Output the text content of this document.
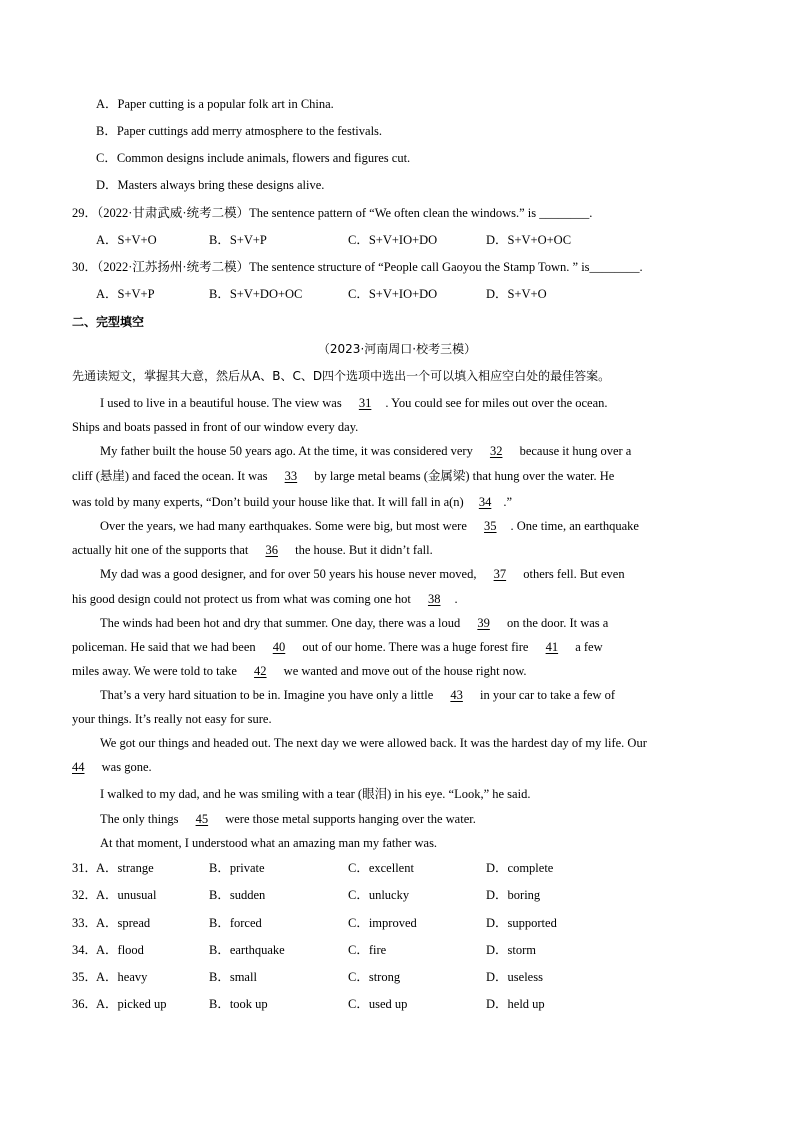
A．Paper cutting is a popular folk art in China.
B．Paper cuttings add merry atmosphere to the festivals.
C．Common designs include animals, flowers and figures cut.
D．Masters always bring these designs alive.
29．（2022·甘肃武威·统考二模）The sentence pattern of “We often clean the windows.” is ________.
A．S+V+O	B．S+V+P	C．S+V+IO+DO	D．S+V+O+OC
30．（2022·江苏扬州·统考二模）The sentence structure of “People call Gaoyou the Stamp Town. ” is________.
A．S+V+P	B．S+V+DO+OC	C．S+V+IO+DO	D．S+V+O
二、完型填空
（2023·河南周口·校考三模）
先通读短文，掌握其大意，然后从A、B、C、D四个选项中选出一个可以填入相应空白处的最佳答案。
I used to live in a beautiful house. The view was 31 . You could see for miles out over the ocean.
Ships and boats passed in front of our window every day.
My father built the house 50 years ago. At the time, it was considered very 32 because it hung over a
cliff (悬崖) and faced the ocean. It was 33 by large metal beams (金属梁) that hung over the water. He
was told by many experts, “Don’t build your house like that. It will fall in a(n) 34 .”
Over the years, we had many earthquakes. Some were big, but most were 35 . One time, an earthquake
actually hit one of the supports that 36 the house. But it didn’t fall.
My dad was a good designer, and for over 50 years his house never moved, 37 others fell. But even
his good design could not protect us from what was coming one hot 38 .
The winds had been hot and dry that summer. One day, there was a loud 39 on the door. It was a
policeman. He said that we had been 40 out of our home. There was a huge forest fire 41 a few
miles away. We were told to take 42 we wanted and move out of the house right now.
That’s a very hard situation to be in. Imagine you have only a little 43 in your car to take a few of
your things. It’s really not easy for sure.
We got our things and headed out. The next day we were allowed back. It was the hardest day of my life. Our
44 was gone.
I walked to my dad, and he was smiling with a tear (眼泪) in his eye. “Look,” he said.
The only things 45 were those metal supports hanging over the water.
At that moment, I understood what an amazing man my father was.
31．
A．strange	B．private	C．excellent	D．complete
32．
A．unusual	B．sudden	C．unlucky	D．boring
33．
A．spread	B．forced	C．improved	D．supported
34．
A．flood	B．earthquake	C．fire	D．storm
35．
A．heavy	B．small	C．strong	D．useless
36．
A．picked up	B．took up	C．used up	D．held up
